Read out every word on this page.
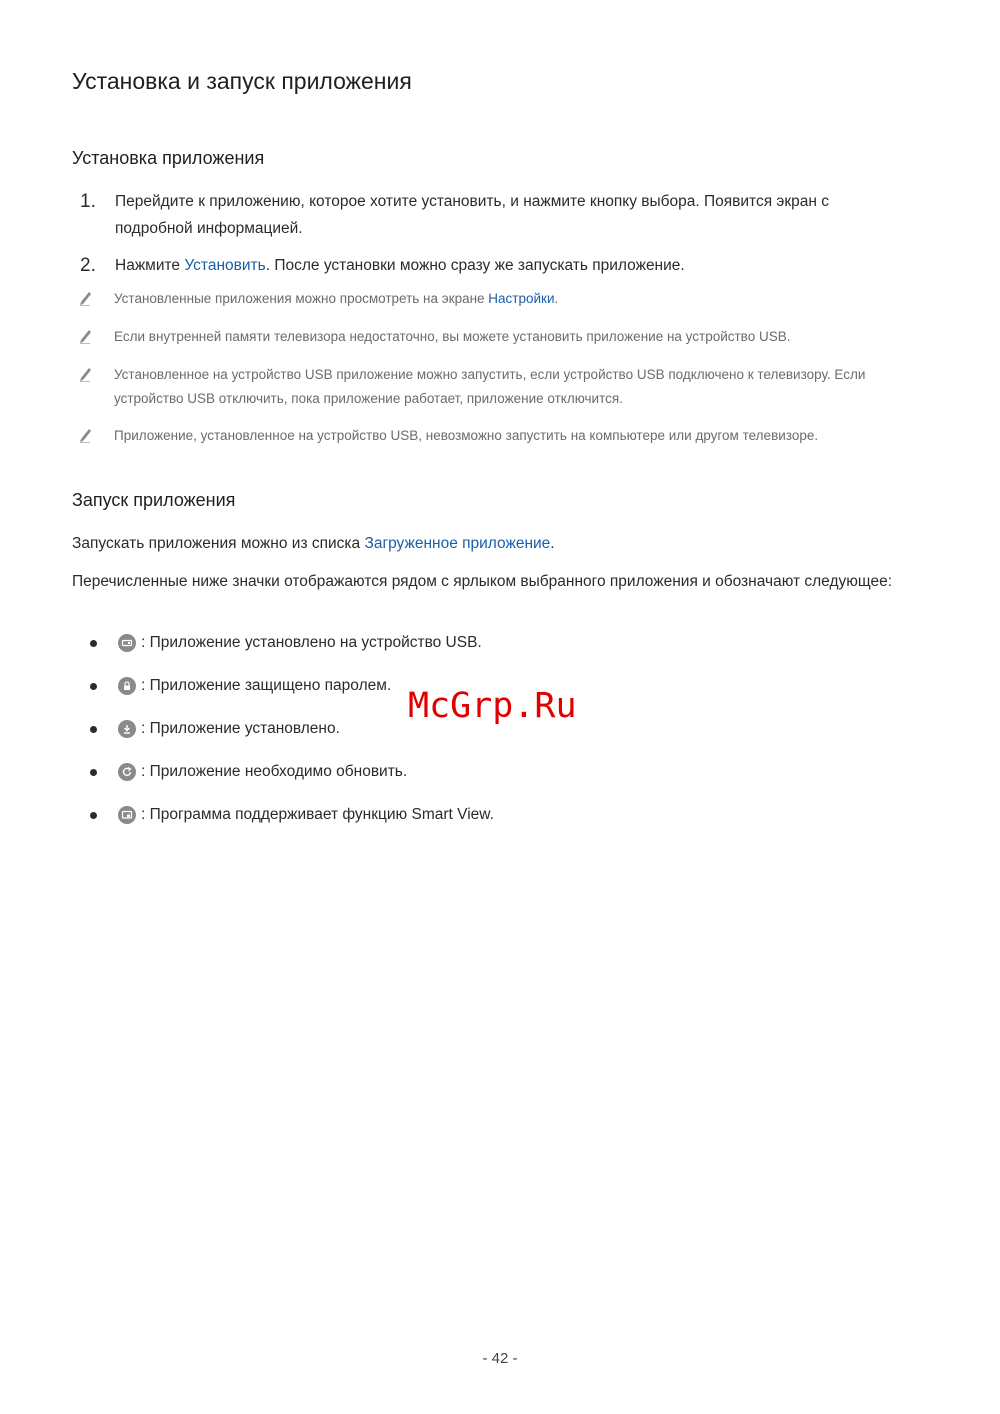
Установка и запуск приложения
Установка приложения
1.	Перейдите к приложению, которое хотите установить, и нажмите кнопку выбора. Появится экран с подробной информацией.
2.	Нажмите Установить. После установки можно сразу же запускать приложение.
Установленные приложения можно просмотреть на экране Настройки.
Если внутренней памяти телевизора недостаточно, вы можете установить приложение на устройство USB.
Установленное на устройство USB приложение можно запустить, если устройство USB подключено к телевизору. Если устройство USB отключить, пока приложение работает, приложение отключится.
Приложение, установленное на устройство USB, невозможно запустить на компьютере или другом телевизоре.
Запуск приложения

Запускать приложения можно из списка Загруженное приложение.

Перечисленные ниже значки отображаются рядом с ярлыком выбранного приложения и обозначают следующее:

: Приложение установлено на устройство USB.
: Приложение защищено паролем.
: Приложение установлено.
: Приложение необходимо обновить.
: Программа поддерживает функцию Smart View.
McGrp.Ru
- 42 -
